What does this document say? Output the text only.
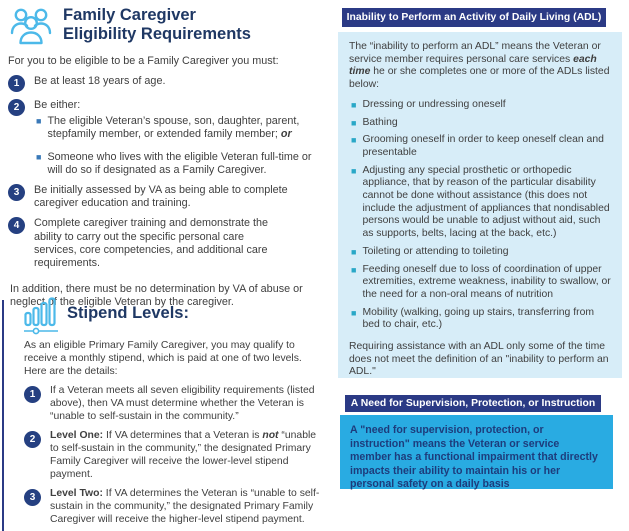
Family Caregiver
Eligibility Requirements

For you to be eligible to be a Family Caregiver you must:

1	Be at least 18 years of age.
2	Be either:
■ The eligible Veteran’s spouse, son, daughter, parent, stepfamily member, or extended family member; or
■ Someone who lives with the eligible Veteran full-time or will do so if designated as a Family Caregiver.
3	Be initially assessed by VA as being able to complete caregiver education and training.
4	Complete caregiver training and demonstrate the ability to carry out the specific personal care services, core competencies, and additional care requirements.

In addition, there must be no determination by VA of abuse or neglect of the eligible Veteran by the caregiver.

Stipend Levels:

As an eligible Primary Family Caregiver, you may qualify to receive a monthly stipend, which is paid at one of two levels. Here are the details:

1	If a Veteran meets all seven eligibility requirements (listed above), then VA must determine whether the Veteran is “unable to self-sustain in the community.”
2	Level One: If VA determines that a Veteran is not “unable to self-sustain in the community,” the designated Primary Family Caregiver will receive the lower-level stipend payment.
3	Level Two: If VA determines the Veteran is “unable to self-sustain in the community,” the designated Primary Family Caregiver will receive the higher-level stipend payment.
Inability to Perform an Activity of Daily Living (ADL)

The “inability to perform an ADL” means the Veteran or service member requires personal care services each time he or she completes one or more of the ADLs listed below:

■ Dressing or undressing oneself
■ Bathing
■ Grooming oneself in order to keep oneself clean and presentable
■ Adjusting any special prosthetic or orthopedic appliance, that by reason of the particular disability cannot be done without assistance (this does not include the adjustment of appliances that nondisabled persons would be unable to adjust without aid, such as supports, belts, lacing at the back, etc.)
■ Toileting or attending to toileting
■ Feeding oneself due to loss of coordination of upper extremities, extreme weakness, inability to swallow, or the need for a non-oral means of nutrition
■ Mobility (walking, going up stairs, transferring from bed to chair, etc.)

Requiring assistance with an ADL only some of the time does not meet the definition of an "inability to perform an ADL."

A Need for Supervision, Protection, or Instruction
A "need for supervision, protection, or instruction" means the Veteran or service member has a functional impairment that directly impacts their ability to maintain his or her personal safety on a daily basis
